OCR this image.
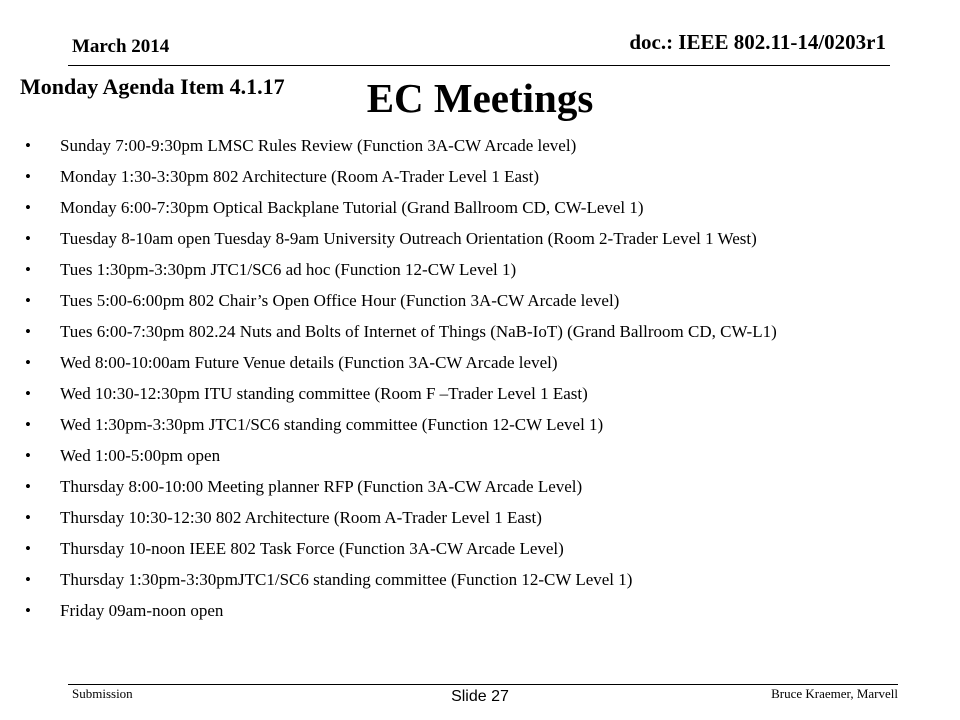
March 2014	doc.: IEEE 802.11-14/0203r1
Monday Agenda Item 4.1.17	EC Meetings
• Sunday 7:00-9:30pm LMSC Rules Review (Function 3A-CW Arcade level)
• Monday 1:30-3:30pm 802 Architecture (Room A-Trader Level 1 East)
• Monday 6:00-7:30pm Optical Backplane Tutorial (Grand Ballroom CD, CW-Level 1)
• Tuesday 8-10am open Tuesday 8-9am University Outreach Orientation (Room 2-Trader Level 1 West)
• Tues 1:30pm-3:30pm JTC1/SC6 ad hoc (Function 12-CW Level 1)
• Tues 5:00-6:00pm 802 Chair’s Open Office Hour (Function 3A-CW Arcade level)
• Tues 6:00-7:30pm 802.24 Nuts and Bolts of Internet of Things (NaB-IoT) (Grand Ballroom CD, CW-L1)
• Wed 8:00-10:00am Future Venue details (Function 3A-CW Arcade level)
• Wed 10:30-12:30pm ITU standing committee (Room F –Trader Level 1 East)
• Wed 1:30pm-3:30pm JTC1/SC6 standing committee (Function 12-CW Level 1)
• Wed 1:00-5:00pm open
• Thursday 8:00-10:00 Meeting planner RFP (Function 3A-CW Arcade Level)
• Thursday 10:30-12:30 802 Architecture (Room A-Trader Level 1 East)
• Thursday 10-noon IEEE 802 Task Force (Function 3A-CW Arcade Level)
• Thursday 1:30pm-3:30pmJTC1/SC6 standing committee (Function 12-CW Level 1)
• Friday 09am-noon open
Submission	Slide 27	Bruce Kraemer, Marvell
